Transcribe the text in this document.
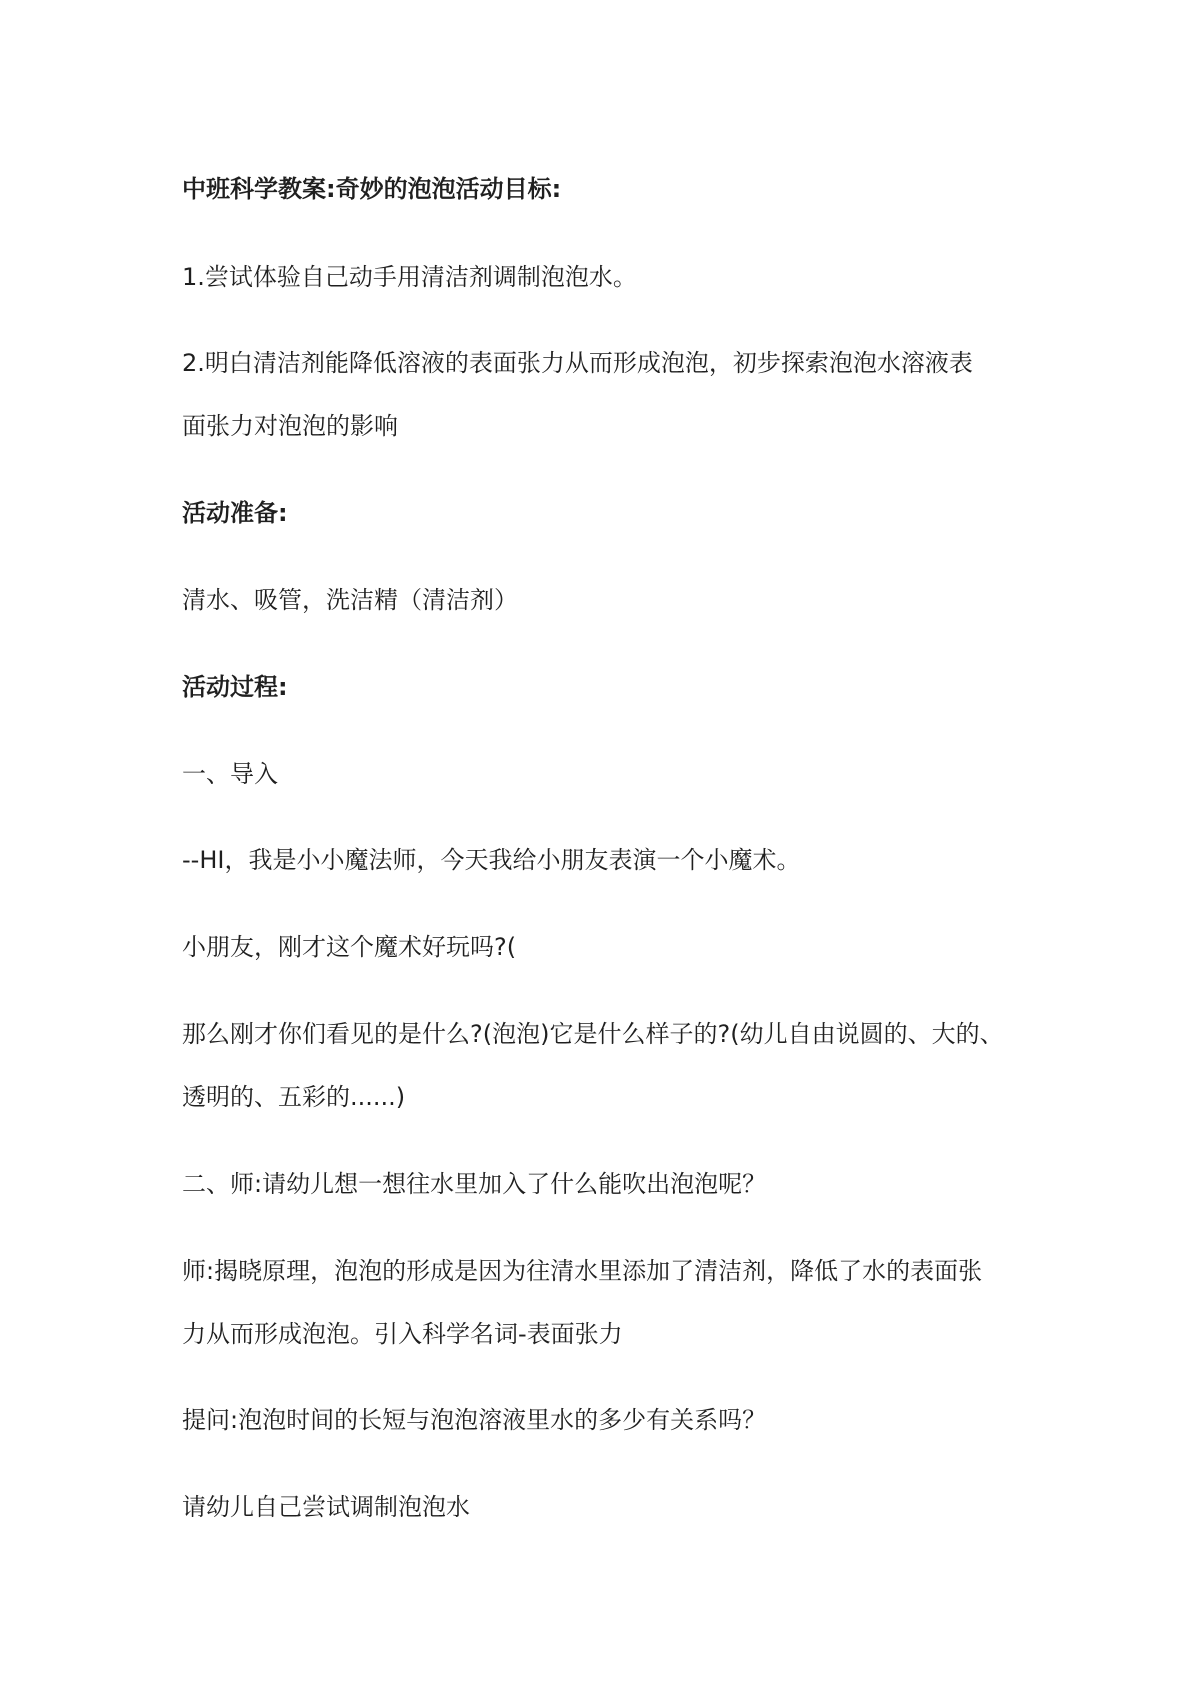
中班科学教案:奇妙的泡泡活动目标:
1.尝试体验自己动手用清洁剂调制泡泡水。
2.明白清洁剂能降低溶液的表面张力从而形成泡泡，初步探索泡泡水溶液表
面张力对泡泡的影响
活动准备:
清水、吸管，洗洁精（清洁剂）
活动过程:
一、导入
--HI，我是小小魔法师，今天我给小朋友表演一个小魔术。
小朋友，刚才这个魔术好玩吗?(
那么刚才你们看见的是什么?(泡泡)它是什么样子的?(幼儿自由说圆的、大的、
透明的、五彩的......)
二、师:请幼儿想一想往水里加入了什么能吹出泡泡呢？
师:揭晓原理，泡泡的形成是因为往清水里添加了清洁剂，降低了水的表面张
力从而形成泡泡。引入科学名词-表面张力
提问:泡泡时间的长短与泡泡溶液里水的多少有关系吗？
请幼儿自己尝试调制泡泡水
